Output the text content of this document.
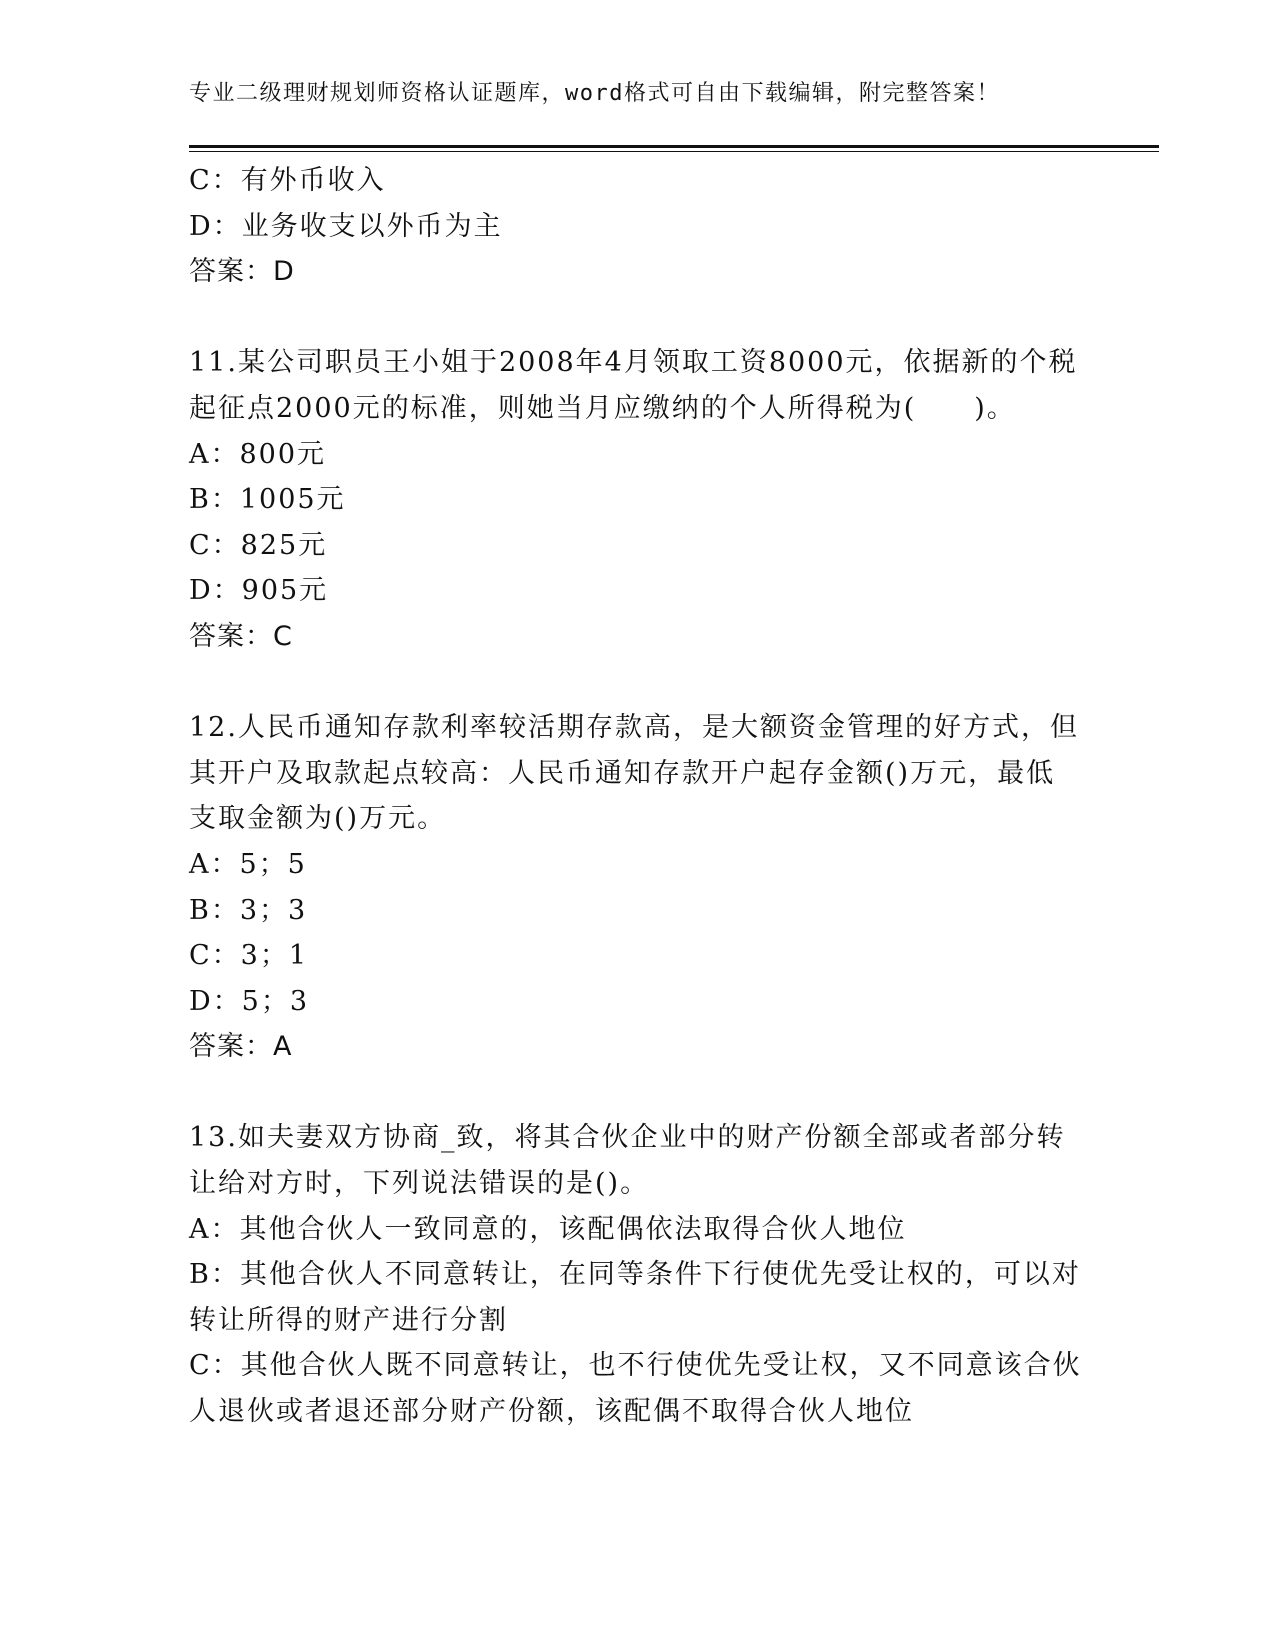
专业二级理财规划师资格认证题库，word格式可自由下载编辑，附完整答案！
C：有外币收入
D：业务收支以外币为主
答案：D
11.某公司职员王小姐于2008年4月领取工资8000元，依据新的个税
起征点2000元的标准，则她当月应缴纳的个人所得税为(　　)。
A：800元
B：1005元
C：825元
D：905元
答案：C
12.人民币通知存款利率较活期存款高，是大额资金管理的好方式，但
其开户及取款起点较高：人民币通知存款开户起存金额()万元，最低
支取金额为()万元。
A：5；5
B：3；3
C：3；1
D：5；3
答案：A
13.如夫妻双方协商_致，将其合伙企业中的财产份额全部或者部分转
让给对方时，下列说法错误的是()。
A：其他合伙人一致同意的，该配偶依法取得合伙人地位
B：其他合伙人不同意转让，在同等条件下行使优先受让权的，可以对
转让所得的财产进行分割
C：其他合伙人既不同意转让，也不行使优先受让权，又不同意该合伙
人退伙或者退还部分财产份额，该配偶不取得合伙人地位
